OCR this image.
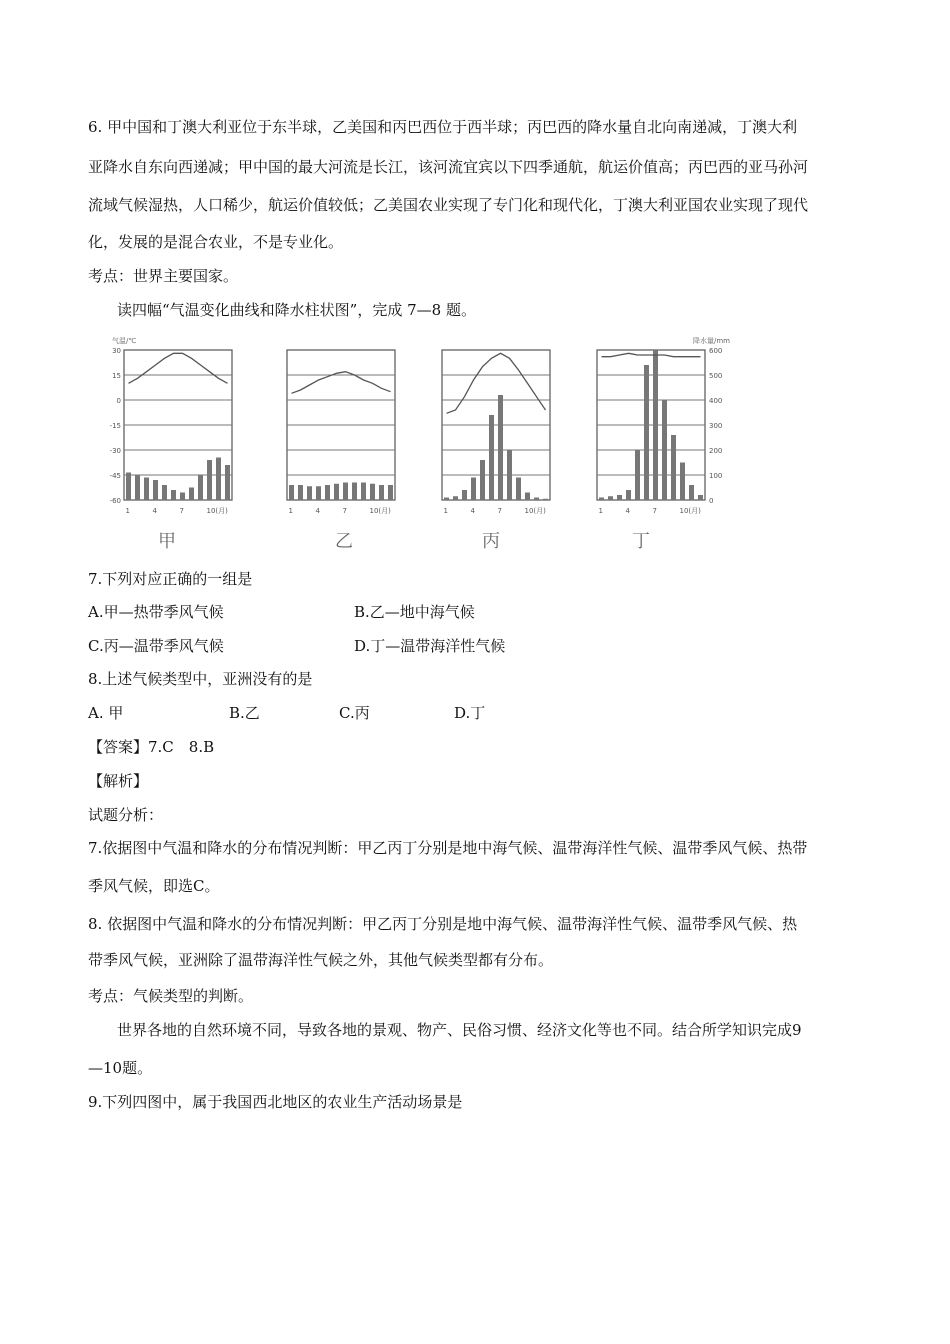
6. 甲中国和丁澳大利亚位于东半球，乙美国和丙巴西位于西半球；丙巴西的降水量自北向南递减，丁澳大利
亚降水自东向西递减；甲中国的最大河流是长江，该河流宜宾以下四季通航，航运价值高；丙巴西的亚马孙河
流域气候湿热，人口稀少，航运价值较低；乙美国农业实现了专门化和现代化，丁澳大利亚国农业实现了现代
化，发展的是混合农业，不是专业化。
考点：世界主要国家。
读四幅“气温变化曲线和降水柱状图”，完成 7—8 题。
1	4	7	10(月)
30
15
0
-15
-30
-45
-60
气温/℃
1	4	7	10(月)	1	4	7	10(月)	1	4	7	10(月)
600
500
400
300
200
100
0
降水量/mm
甲	乙	丙	丁
7.下列对应正确的一组是
A.甲—热带季风气候	B.乙—地中海气候
C.丙—温带季风气候	D.丁—温带海洋性气候
8.上述气候类型中，亚洲没有的是
A. 甲	B.乙	C.丙	D.丁
【答案】7.C　8.B
【解析】
试题分析：
7.依据图中气温和降水的分布情况判断：甲乙丙丁分别是地中海气候、温带海洋性气候、温带季风气候、热带
季风气候，即选C。
8. 依据图中气温和降水的分布情况判断：甲乙丙丁分别是地中海气候、温带海洋性气候、温带季风气候、热
带季风气候，亚洲除了温带海洋性气候之外，其他气候类型都有分布。
考点：气候类型的判断。
世界各地的自然环境不同，导致各地的景观、物产、民俗习惯、经济文化等也不同。结合所学知识完成9
—10题。
9.下列四图中，属于我国西北地区的农业生产活动场景是
